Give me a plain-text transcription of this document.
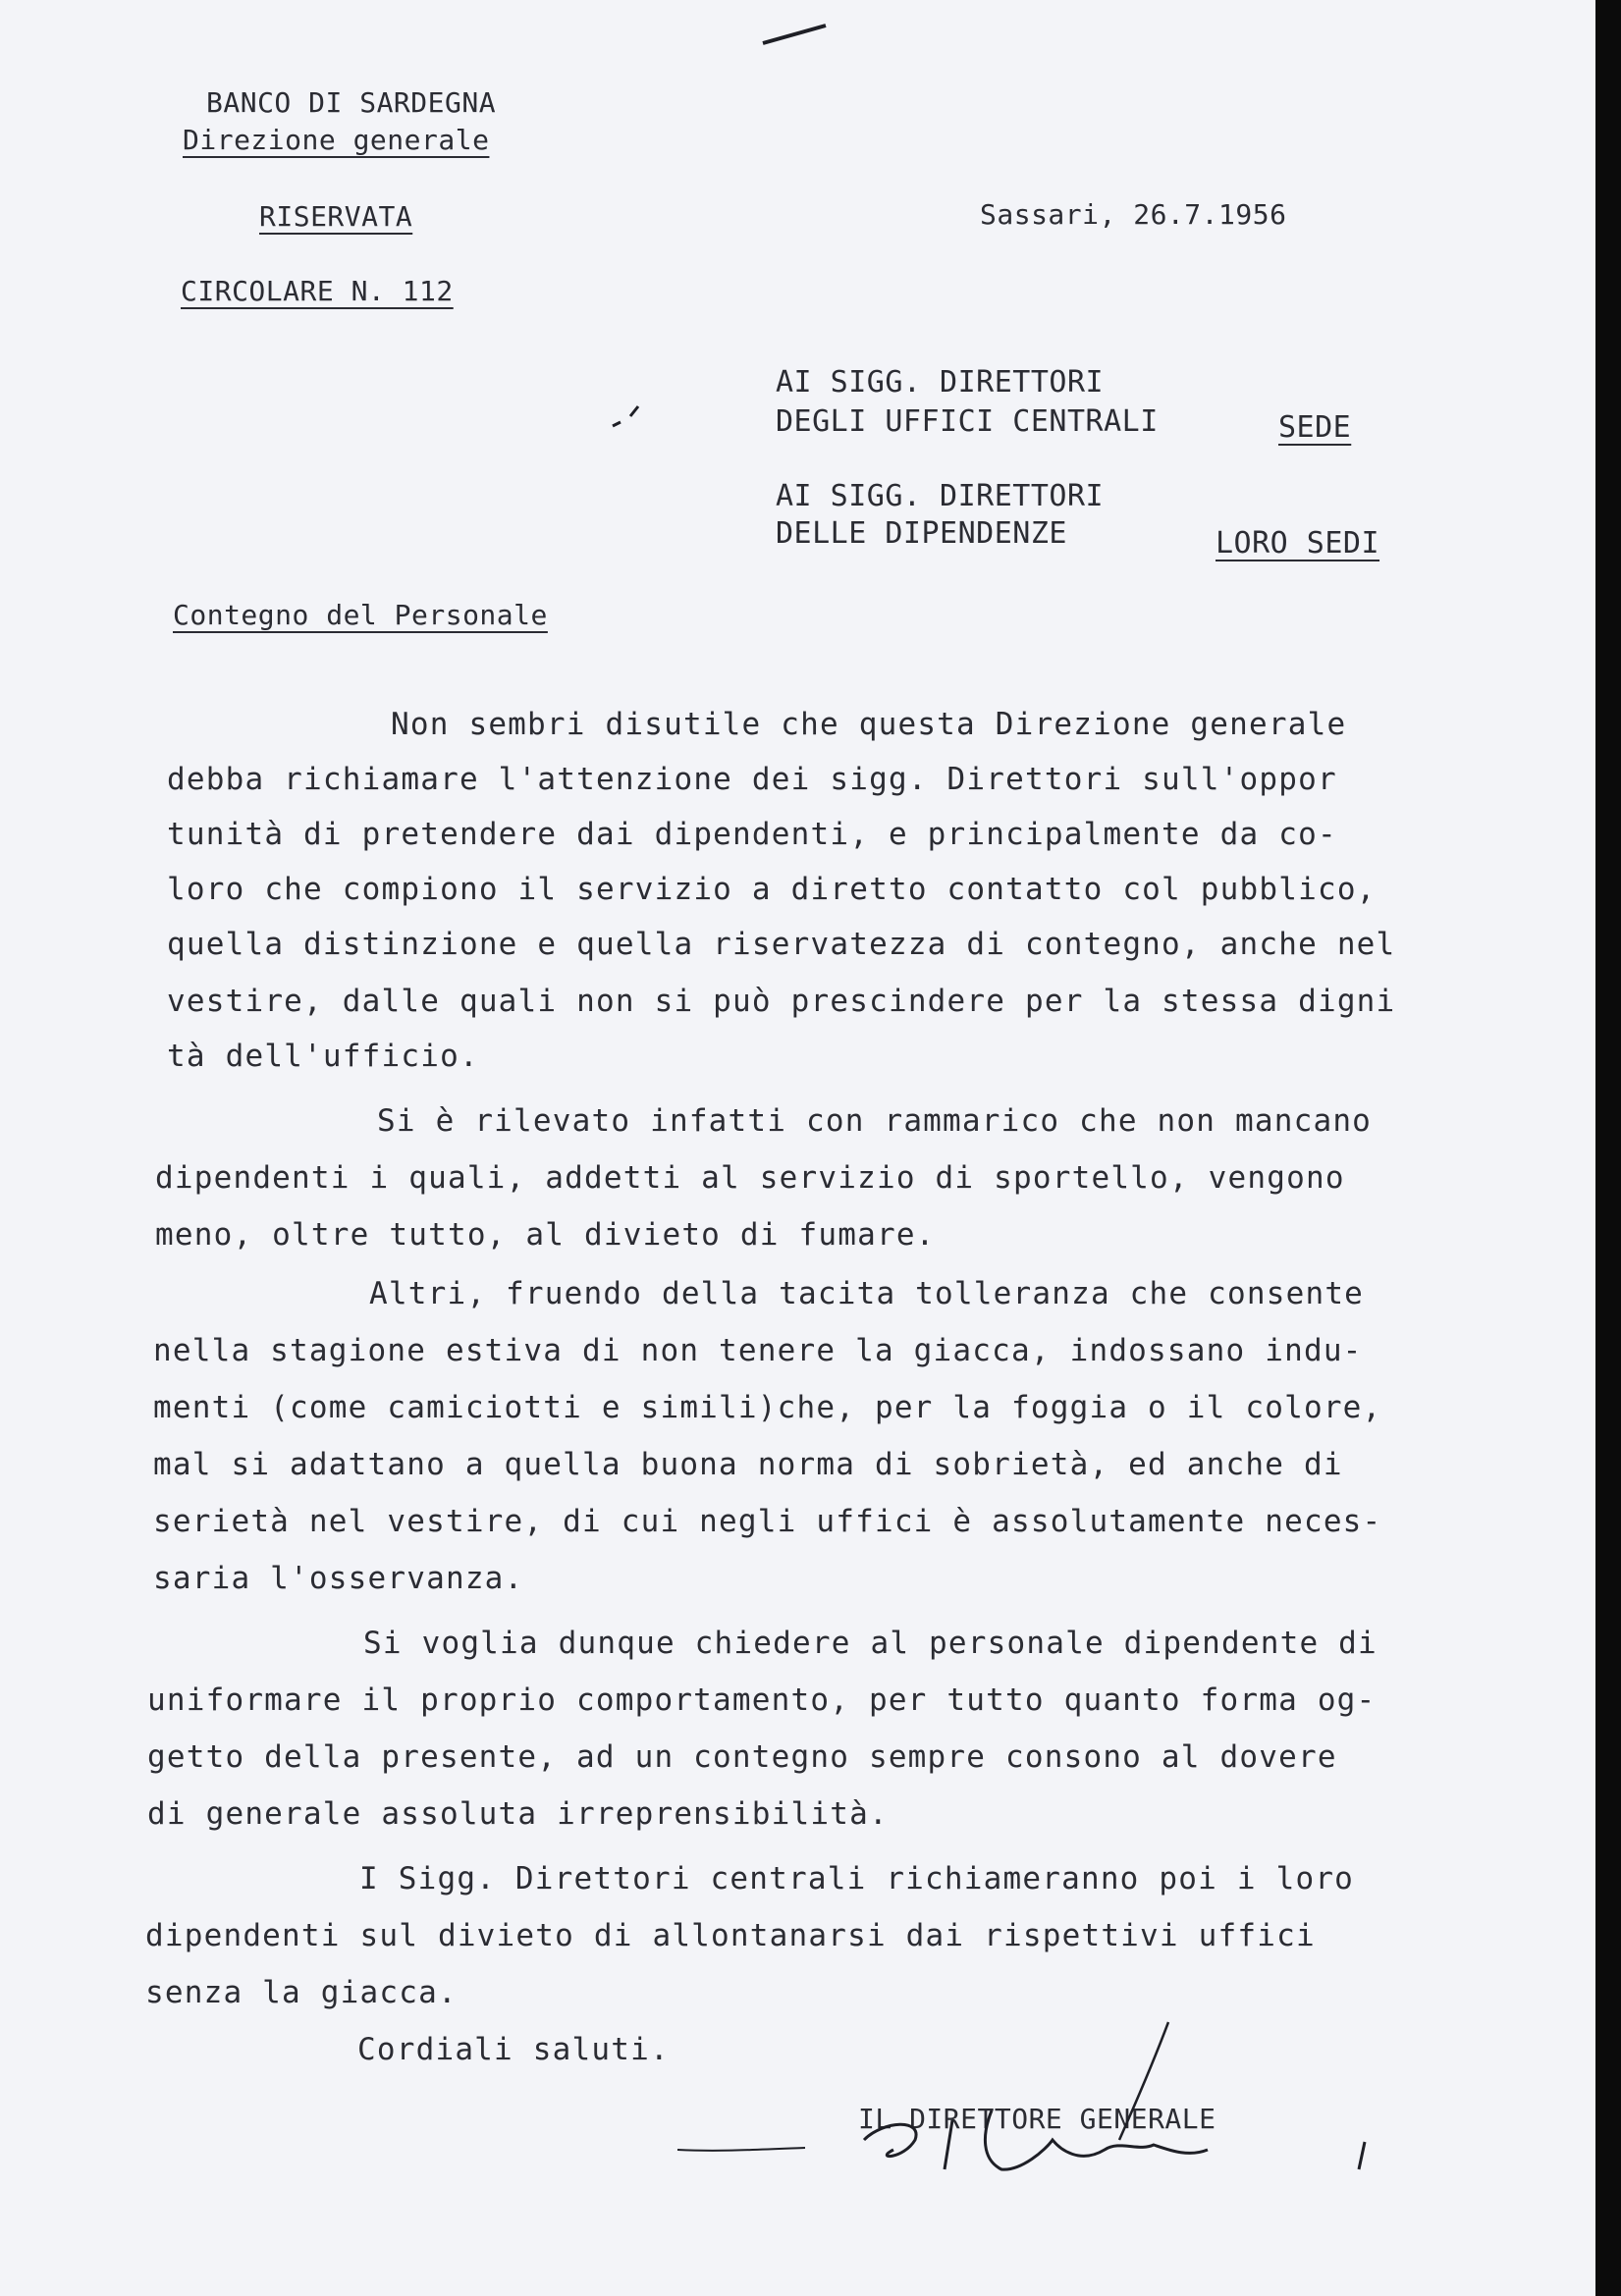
BANCO DI SARDEGNA
Direzione generale
RISERVATA	Sassari, 26.7.1956
CIRCOLARE N. 112
AI SIGG. DIRETTORI
DEGLI UFFICI CENTRALI	SEDE
AI SIGG. DIRETTORI
DELLE DIPENDENZE	LORO SEDI
Contegno del Personale
Non sembri disutile che questa Direzione generale
debba richiamare l'attenzione dei sigg. Direttori sull'oppor
tunità di pretendere dai dipendenti, e principalmente da co-
loro che compiono il servizio a diretto contatto col pubblico,
quella distinzione e quella riservatezza di contegno, anche nel
vestire, dalle quali non si può prescindere per la stessa digni
tà dell'ufficio.
Si è rilevato infatti con rammarico che non mancano
dipendenti i quali, addetti al servizio di sportello, vengono
meno, oltre tutto, al divieto di fumare.
Altri, fruendo della tacita tolleranza che consente
nella stagione estiva di non tenere la giacca, indossano indu-
menti (come camiciotti e simili)che, per la foggia o il colore,
mal si adattano a quella buona norma di sobrietà, ed anche di
serietà nel vestire, di cui negli uffici è assolutamente neces-
saria l'osservanza.
Si voglia dunque chiedere al personale dipendente di
uniformare il proprio comportamento, per tutto quanto forma og-
getto della presente, ad un contegno sempre consono al dovere
di generale assoluta irreprensibilità.
I Sigg. Direttori centrali richiameranno poi i loro
dipendenti sul divieto di allontanarsi dai rispettivi uffici
senza la giacca.
Cordiali saluti.
IL DIRETTORE GENERALE
